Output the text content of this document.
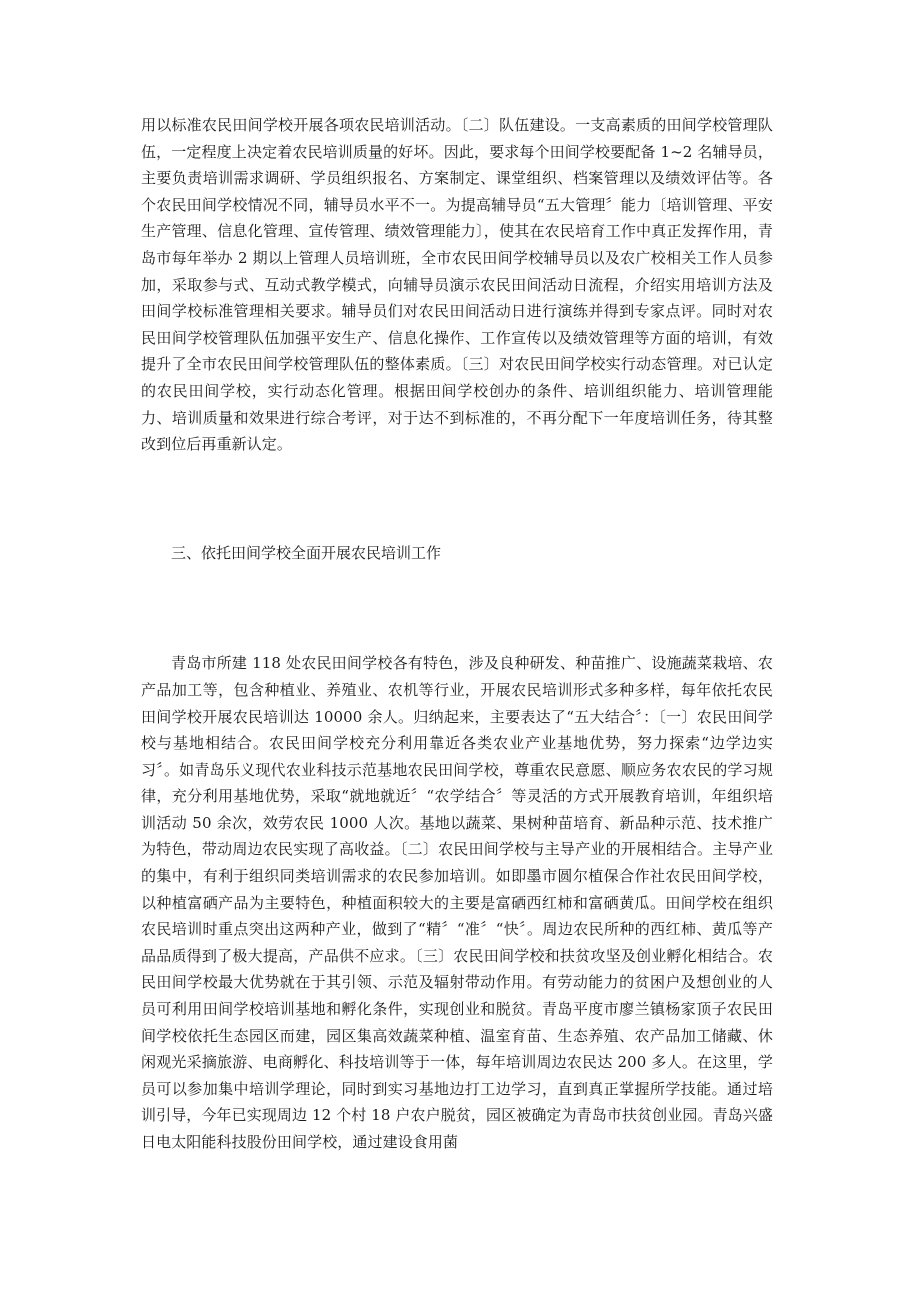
用以标准农民田间学校开展各项农民培训活动。〔二〕队伍建设。一支高素质的田间学校管理队伍，一定程度上决定着农民培训质量的好坏。因此，要求每个田间学校要配备 1~2 名辅导员，主要负责培训需求调研、学员组织报名、方案制定、课堂组织、档案管理以及绩效评估等。各个农民田间学校情况不同，辅导员水平不一。为提高辅导员“五大管理〞能力〔培训管理、平安生产管理、信息化管理、宣传管理、绩效管理能力〕，使其在农民培育工作中真正发挥作用，青岛市每年举办 2 期以上管理人员培训班，全市农民田间学校辅导员以及农广校相关工作人员参加，采取参与式、互动式教学模式，向辅导员演示农民田间活动日流程，介绍实用培训方法及田间学校标准管理相关要求。辅导员们对农民田间活动日进行演练并得到专家点评。同时对农民田间学校管理队伍加强平安生产、信息化操作、工作宣传以及绩效管理等方面的培训，有效提升了全市农民田间学校管理队伍的整体素质。〔三〕对农民田间学校实行动态管理。对已认定的农民田间学校，实行动态化管理。根据田间学校创办的条件、培训组织能力、培训管理能力、培训质量和效果进行综合考评，对于达不到标准的，不再分配下一年度培训任务，待其整改到位后再重新认定。

三、依托田间学校全面开展农民培训工作

青岛市所建 118 处农民田间学校各有特色，涉及良种研发、种苗推广、设施蔬菜栽培、农产品加工等，包含种植业、养殖业、农机等行业，开展农民培训形式多种多样，每年依托农民田间学校开展农民培训达 10000 余人。归纳起来，主要表达了“五大结合〞：〔一〕农民田间学校与基地相结合。农民田间学校充分利用靠近各类农业产业基地优势，努力探索“边学边实习〞。如青岛乐义现代农业科技示范基地农民田间学校，尊重农民意愿、顺应务农农民的学习规律，充分利用基地优势，采取“就地就近〞“农学结合〞等灵活的方式开展教育培训，年组织培训活动 50 余次，效劳农民 1000 人次。基地以蔬菜、果树种苗培育、新品种示范、技术推广为特色，带动周边农民实现了高收益。〔二〕农民田间学校与主导产业的开展相结合。主导产业的集中，有利于组织同类培训需求的农民参加培训。如即墨市圆尔植保合作社农民田间学校，以种植富硒产品为主要特色，种植面积较大的主要是富硒西红柿和富硒黄瓜。田间学校在组织农民培训时重点突出这两种产业，做到了“精〞“准〞“快〞。周边农民所种的西红柿、黄瓜等产品品质得到了极大提高，产品供不应求。〔三〕农民田间学校和扶贫攻坚及创业孵化相结合。农民田间学校最大优势就在于其引领、示范及辐射带动作用。有劳动能力的贫困户及想创业的人员可利用田间学校培训基地和孵化条件，实现创业和脱贫。青岛平度市廖兰镇杨家顶子农民田间学校依托生态园区而建，园区集高效蔬菜种植、温室育苗、生态养殖、农产品加工储藏、休闲观光采摘旅游、电商孵化、科技培训等于一体，每年培训周边农民达 200 多人。在这里，学员可以参加集中培训学理论，同时到实习基地边打工边学习，直到真正掌握所学技能。通过培训引导，今年已实现周边 12 个村 18 户农户脱贫，园区被确定为青岛市扶贫创业园。青岛兴盛日电太阳能科技股份田间学校，通过建设食用菌
